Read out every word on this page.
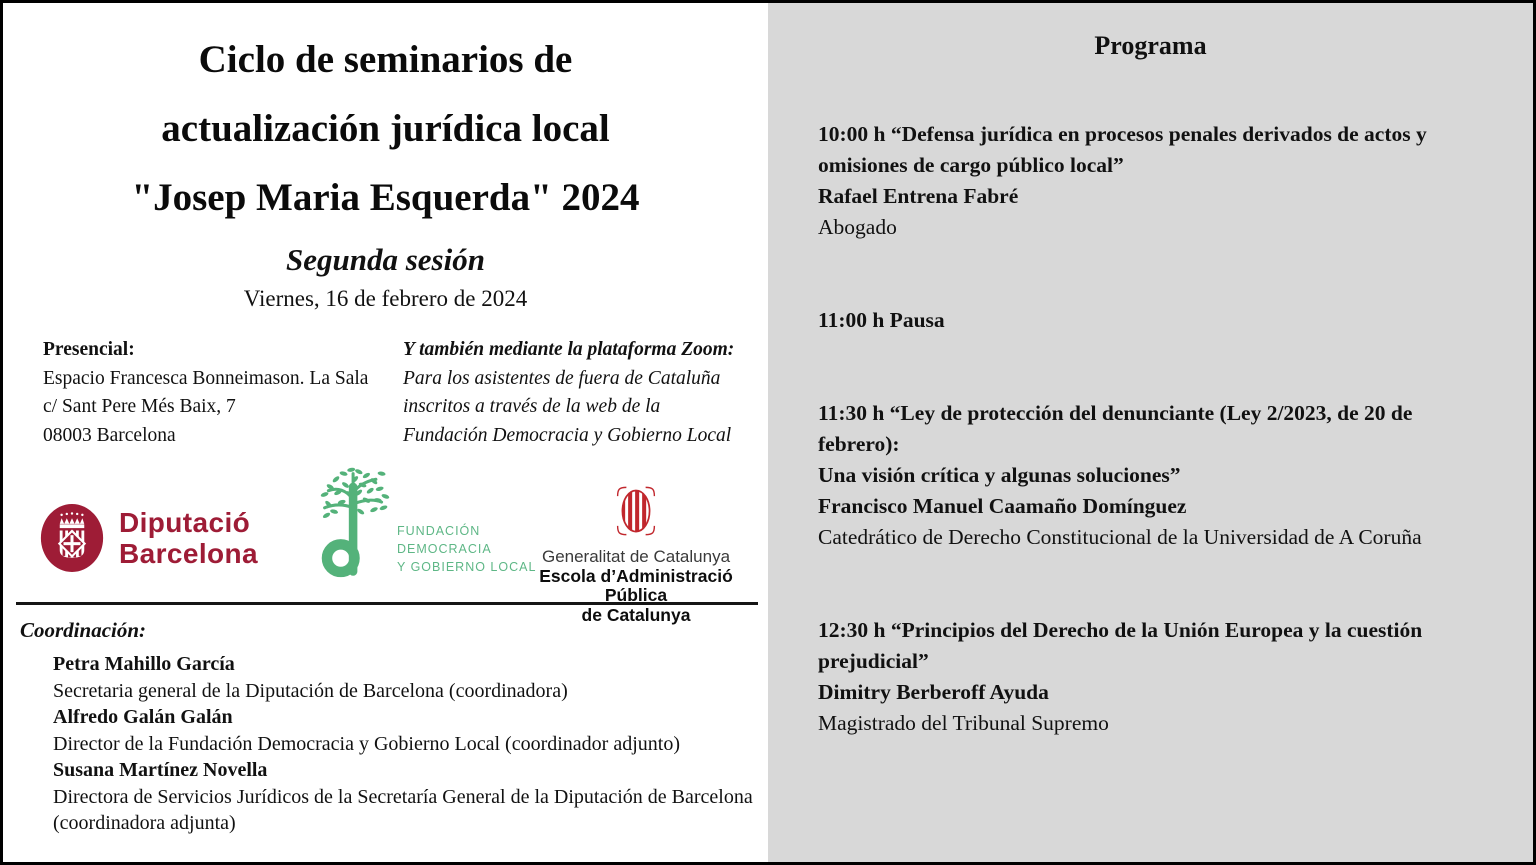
Ciclo de seminarios de
actualización jurídica local
"Josep Maria Esquerda" 2024
Segunda sesión
Viernes, 16 de febrero de 2024
Presencial:
Espacio Francesca Bonneimason. La Sala
c/ Sant Pere Més Baix, 7
08003 Barcelona
Y también mediante la plataforma Zoom:
Para los asistentes de fuera de Cataluña
inscritos a través de la web de la
Fundación Democracia y Gobierno Local
Diputació
Barcelona
FUNDACIÓN
DEMOCRACIA
Y GOBIERNO LOCAL
Generalitat de Catalunya
Escola d’Administració Pública
de Catalunya
Coordinación:
Petra Mahillo García
Secretaria general de la Diputación de Barcelona (coordinadora)
Alfredo Galán Galán
Director de la Fundación Democracia y Gobierno Local (coordinador adjunto)
Susana Martínez Novella
Directora de Servicios Jurídicos de la Secretaría General de la Diputación de Barcelona
(coordinadora adjunta)
Programa
10:00 h “Defensa jurídica en procesos penales derivados de actos y
omisiones de cargo público local”
Rafael Entrena Fabré
Abogado
11:00 h Pausa
11:30 h “Ley de protección del denunciante (Ley 2/2023, de 20 de febrero):
Una visión crítica y algunas soluciones”
Francisco Manuel Caamaño Domínguez
Catedrático de Derecho Constitucional de la Universidad de A Coruña
12:30 h “Principios del Derecho de la Unión Europea y la cuestión
prejudicial”
Dimitry Berberoff Ayuda
Magistrado del Tribunal Supremo
